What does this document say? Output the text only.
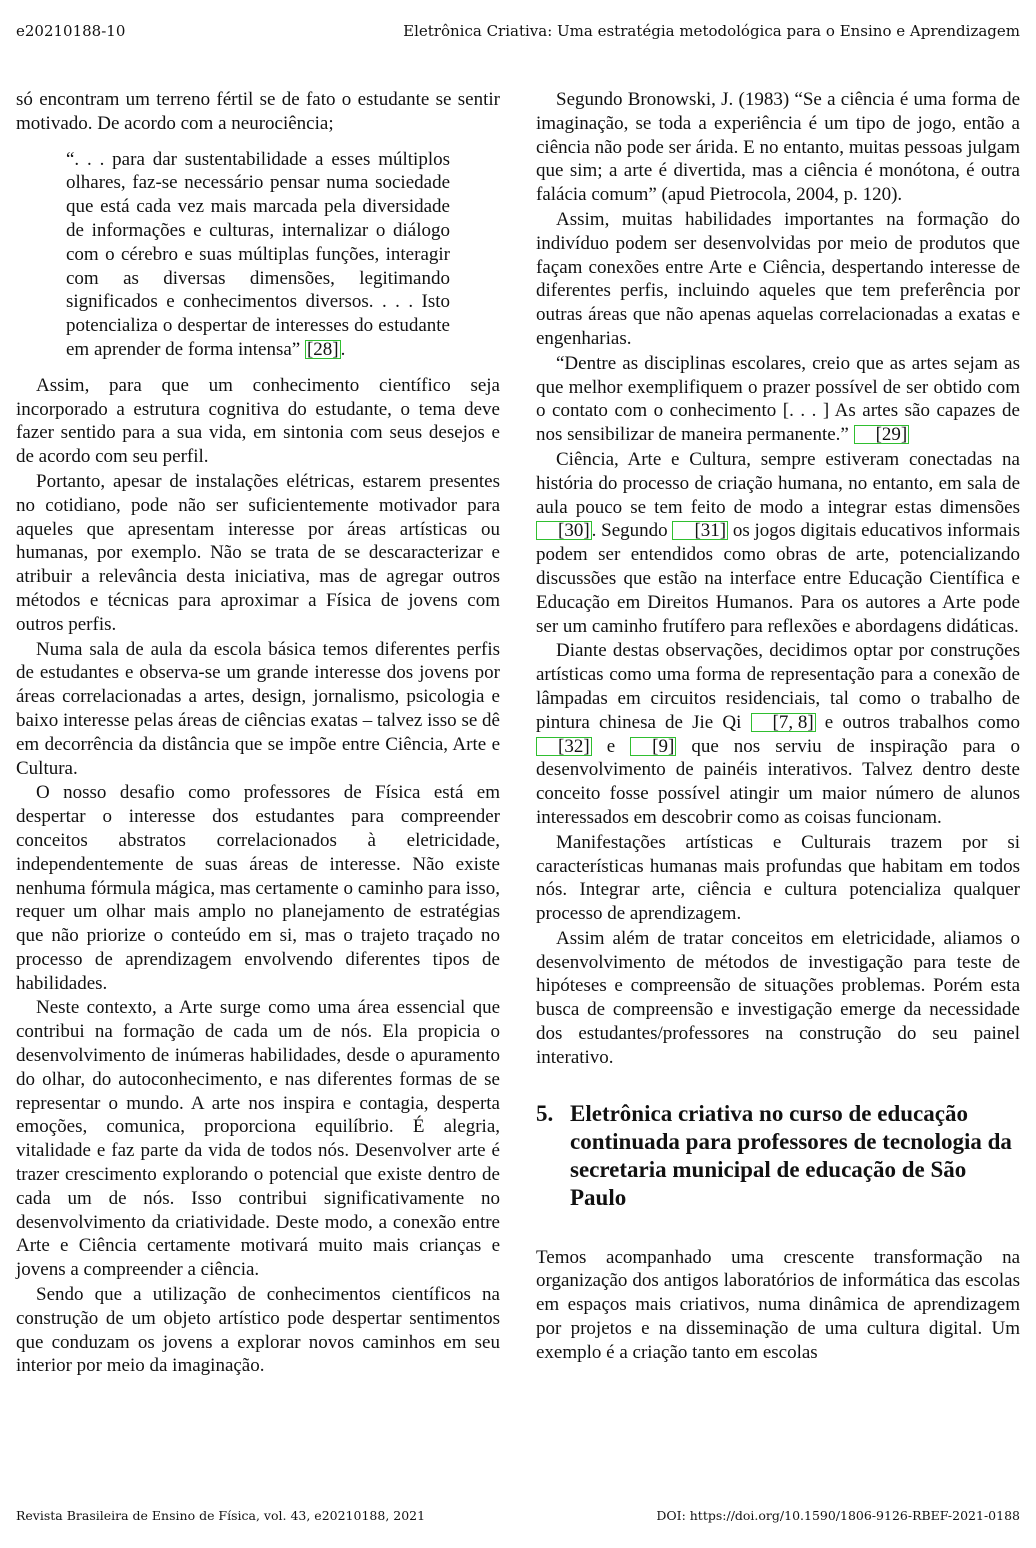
e20210188-10	Eletrônica Criativa: Uma estratégia metodológica para o Ensino e Aprendizagem

só encontram um terreno fértil se de fato o estudante se sentir motivado. De acordo com a neurociência;

“. . . para dar sustentabilidade a esses múltiplos olhares, faz-se necessário pensar numa sociedade que está cada vez mais marcada pela diversidade de informações e culturas, internalizar o diálogo com o cérebro e suas múltiplas funções, interagir com as diversas dimensões, legitimando significados e conhecimentos diversos. . . . Isto potencializa o despertar de interesses do estudante em aprender de forma intensa” [28] .

Assim, para que um conhecimento científico seja incorporado a estrutura cognitiva do estudante, o tema deve fazer sentido para a sua vida, em sintonia com seus desejos e de acordo com seu perfil.

Portanto, apesar de instalações elétricas, estarem presentes no cotidiano, pode não ser suficientemente motivador para aqueles que apresentam interesse por áreas artísticas ou humanas, por exemplo. Não se trata de se descaracterizar e atribuir a relevância desta iniciativa, mas de agregar outros métodos e técnicas para aproximar a Física de jovens com outros perfis.

Numa sala de aula da escola básica temos diferentes perfis de estudantes e observa-se um grande interesse dos jovens por áreas correlacionadas a artes, design, jornalismo, psicologia e baixo interesse pelas áreas de ciências exatas – talvez isso se dê em decorrência da distância que se impõe entre Ciência, Arte e Cultura.

O nosso desafio como professores de Física está em despertar o interesse dos estudantes para compreender conceitos abstratos correlacionados à eletricidade, independentemente de suas áreas de interesse. Não existe nenhuma fórmula mágica, mas certamente o caminho para isso, requer um olhar mais amplo no planejamento de estratégias que não priorize o conteúdo em si, mas o trajeto traçado no processo de aprendizagem envolvendo diferentes tipos de habilidades.

Neste contexto, a Arte surge como uma área essencial que contribui na formação de cada um de nós. Ela propicia o desenvolvimento de inúmeras habilidades, desde o apuramento do olhar, do autoconhecimento, e nas diferentes formas de se representar o mundo. A arte nos inspira e contagia, desperta emoções, comunica, proporciona equilíbrio. É alegria, vitalidade e faz parte da vida de todos nós. Desenvolver arte é trazer crescimento explorando o potencial que existe dentro de cada um de nós. Isso contribui significativamente no desenvolvimento da criatividade. Deste modo, a conexão entre Arte e Ciência certamente motivará muito mais crianças e jovens a compreender a ciência.

Sendo que a utilização de conhecimentos científicos na construção de um objeto artístico pode despertar sentimentos que conduzam os jovens a explorar novos caminhos em seu interior por meio da imaginação.

Segundo Bronowski, J. (1983) “Se a ciência é uma forma de imaginação, se toda a experiência é um tipo de jogo, então a ciência não pode ser árida. E no entanto, muitas pessoas julgam que sim; a arte é divertida, mas a ciência é monótona, é outra falácia comum” (apud Pietrocola, 2004, p. 120).

Assim, muitas habilidades importantes na formação do indivíduo podem ser desenvolvidas por meio de produtos que façam conexões entre Arte e Ciência, despertando interesse de diferentes perfis, incluindo aqueles que tem preferência por outras áreas que não apenas aquelas correlacionadas a exatas e engenharias.

“Dentre as disciplinas escolares, creio que as artes sejam as que melhor exemplifiquem o prazer possível de ser obtido com o contato com o conhecimento [. . . ] As artes são capazes de nos sensibilizar de maneira permanente.” [29]

Ciência, Arte e Cultura, sempre estiveram conectadas na história do processo de criação humana, no entanto, em sala de aula pouco se tem feito de modo a integrar estas dimensões [30] . Segundo [31] os jogos digitais educativos informais podem ser entendidos como obras de arte, potencializando discussões que estão na interface entre Educação Científica e Educação em Direitos Humanos. Para os autores a Arte pode ser um caminho frutífero para reflexões e abordagens didáticas.

Diante destas observações, decidimos optar por construções artísticas como uma forma de representação para a conexão de lâmpadas em circuitos residenciais, tal como o trabalho de pintura chinesa de Jie Qi [7, 8] e outros trabalhos como [32] e [9] que nos serviu de inspiração para o desenvolvimento de painéis interativos. Talvez dentro deste conceito fosse possível atingir um maior número de alunos interessados em descobrir como as coisas funcionam.

Manifestações artísticas e Culturais trazem por si características humanas mais profundas que habitam em todos nós. Integrar arte, ciência e cultura potencializa qualquer processo de aprendizagem.

Assim além de tratar conceitos em eletricidade, aliamos o desenvolvimento de métodos de investigação para teste de hipóteses e compreensão de situações problemas. Porém esta busca de compreensão e investigação emerge da necessidade dos estudantes/professores na construção do seu painel interativo.

5. Eletrônica criativa no curso de educação continuada para professores de tecnologia da secretaria municipal de educação de São Paulo

Temos acompanhado uma crescente transformação na organização dos antigos laboratórios de informática das escolas em espaços mais criativos, numa dinâmica de aprendizagem por projetos e na disseminação de uma cultura digital. Um exemplo é a criação tanto em escolas

Revista Brasileira de Ensino de Física, vol. 43, e20210188, 2021	DOI: https://doi.org/10.1590/1806-9126-RBEF-2021-0188
